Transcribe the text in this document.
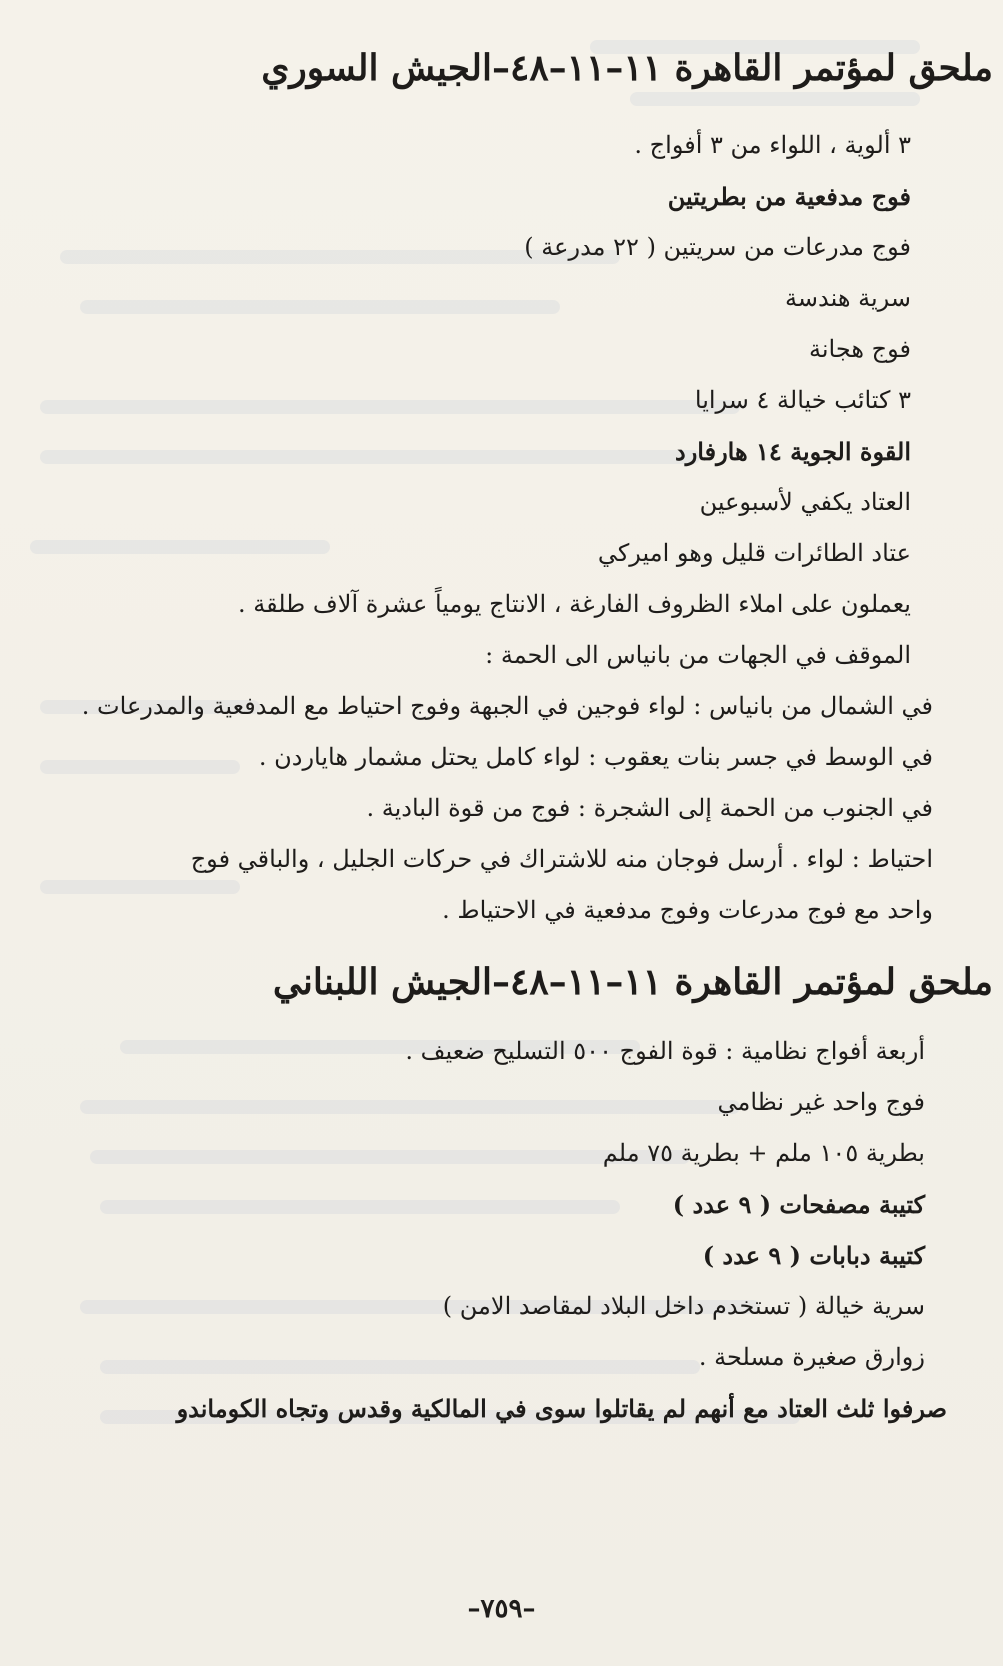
ملحق لمؤتمر القاهرة ١١–١١–٤٨–الجيش السوري

٣ ألوية ، اللواء من ٣ أفواج .

فوج مدفعية من بطريتين

فوج مدرعات من سريتين ( ٢٢ مدرعة )

سرية هندسة

فوج هجانة

٣ كتائب خيالة ٤ سرايا

القوة الجوية ١٤ هارفارد

العتاد يكفي لأسبوعين

عتاد الطائرات قليل وهو اميركي

يعملون على املاء الظروف الفارغة ، الانتاج يومياً عشرة آلاف طلقة .

الموقف في الجهات من بانياس الى الحمة :

في الشمال من بانياس : لواء فوجين في الجبهة وفوج احتياط مع المدفعية والمدرعات .

في الوسط في جسر بنات يعقوب : لواء كامل يحتل مشمار هاياردن .

في الجنوب من الحمة إلى الشجرة : فوج من قوة البادية .

احتياط : لواء . أرسل فوجان منه للاشتراك في حركات الجليل ، والباقي فوج

واحد مع فوج مدرعات وفوج مدفعية في الاحتياط .

ملحق لمؤتمر القاهرة ١١–١١–٤٨–الجيش اللبناني

أربعة أفواج نظامية : قوة الفوج ٥٠٠ التسليح ضعيف .

فوج واحد غير نظامي

بطرية ١٠٥ ملم + بطرية ٧٥ ملم

كتيبة مصفحات ( ٩ عدد )

كتيبة دبابات ( ٩ عدد )

سرية خيالة ( تستخدم داخل البلاد لمقاصد الامن )

زوارق صغيرة مسلحة .

صرفوا ثلث العتاد مع أنهم لم يقاتلوا سوى في المالكية وقدس وتجاه الكوماندو

–٧٥٩–
